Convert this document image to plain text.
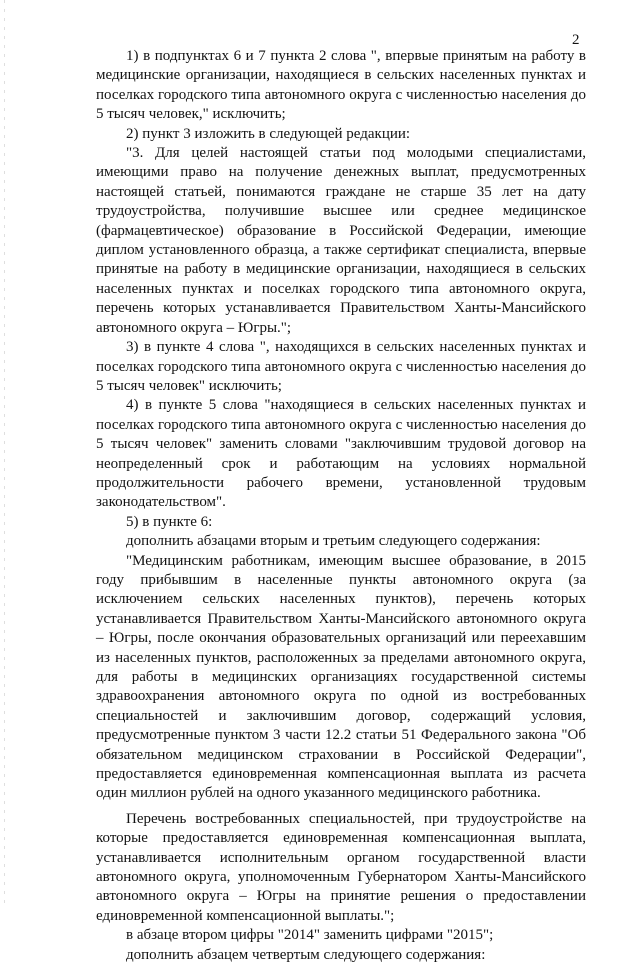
2

1) в подпунктах 6 и 7 пункта 2 слова ", впервые принятым на работу в медицинские организации, находящиеся в сельских населенных пунктах и поселках городского типа автономного округа с численностью населения до 5 тысяч человек," исключить;

2) пункт 3 изложить в следующей редакции:

"3. Для целей настоящей статьи под молодыми специалистами, имеющими право на получение денежных выплат, предусмотренных настоящей статьей, понимаются граждане не старше 35 лет на дату трудоустройства, получившие высшее или среднее медицинское (фармацевтическое) образование в Российской Федерации, имеющие диплом установленного образца, а также сертификат специалиста, впервые принятые на работу в медицинские организации, находящиеся в сельских населенных пунктах и поселках городского типа автономного округа, перечень которых устанавливается Правительством Ханты-Мансийского автономного округа – Югры.";

3) в пункте 4 слова ", находящихся в сельских населенных пунктах и поселках городского типа автономного округа с численностью населения до 5 тысяч человек" исключить;

4) в пункте 5 слова "находящиеся в сельских населенных пунктах и поселках городского типа автономного округа с численностью населения до 5 тысяч человек" заменить словами "заключившим трудовой договор на неопределенный срок и работающим на условиях нормальной продолжительности рабочего времени, установленной трудовым законодательством".

5) в пункте 6:

дополнить абзацами вторым и третьим следующего содержания:

"Медицинским работникам, имеющим высшее образование, в 2015 году прибывшим в населенные пункты автономного округа (за исключением сельских населенных пунктов), перечень которых устанавливается Правительством Ханты-Мансийского автономного округа – Югры, после окончания образовательных организаций или переехавшим из населенных пунктов, расположенных за пределами автономного округа, для работы в медицинских организациях государственной системы здравоохранения автономного округа по одной из востребованных специальностей и заключившим договор, содержащий условия, предусмотренные пунктом 3 части 12.2 статьи 51 Федерального закона "Об обязательном медицинском страховании в Российской Федерации", предоставляется единовременная компенсационная выплата из расчета один миллион рублей на одного указанного медицинского работника.

Перечень востребованных специальностей, при трудоустройстве на которые предоставляется единовременная компенсационная выплата, устанавливается исполнительным органом государственной власти автономного округа, уполномоченным Губернатором Ханты-Мансийского автономного округа – Югры на принятие решения о предоставлении единовременной компенсационной выплаты.";

в абзаце втором цифры "2014" заменить цифрами "2015";

дополнить абзацем четвертым следующего содержания:
